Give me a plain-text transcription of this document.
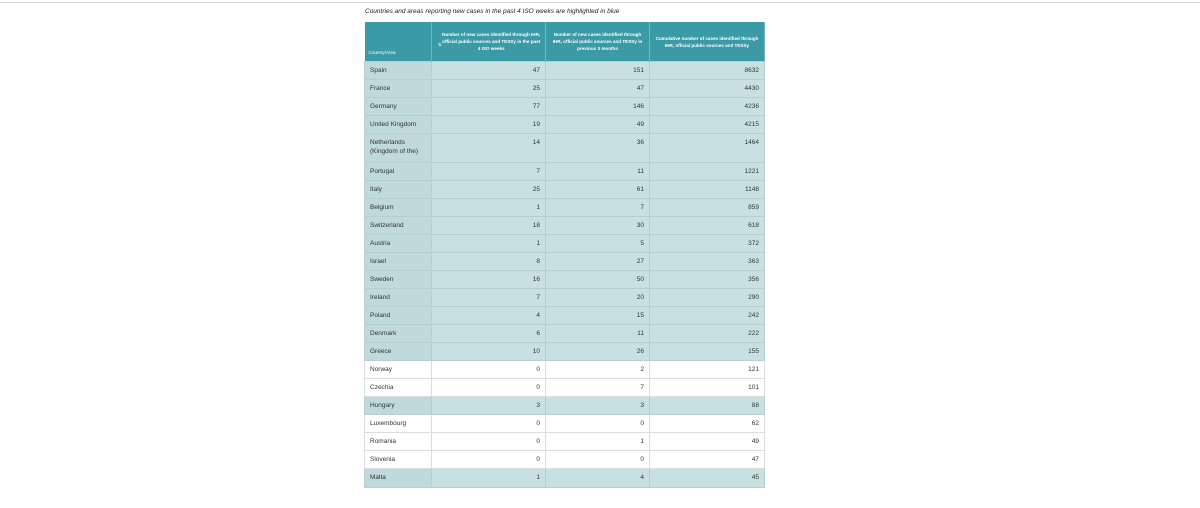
Countries and areas reporting new cases in the past 4 ISO weeks are highlighted in blue
Country/Area	⇅
Number of new cases identified through IHR, official public sources and TESSy in the past 4 ISO weeks	Number of new cases identified through IHR, official public sources and TESSy in previous 3 months	Cumulative number of cases identified through IHR, official public sources and TESSy
Spain	47	151	8632
France	25	47	4430
Germany	77	146	4236
United Kingdom	19	49	4215
Netherlands (Kingdom of the)	14	36	1464
Portugal	7	11	1221
Italy	25	61	1148
Belgium	1	7	859
Switzerland	18	30	618
Austria	1	5	372
Israel	8	27	363
Sweden	16	50	356
Ireland	7	20	290
Poland	4	15	242
Denmark	6	11	222
Greece	10	26	155
Norway	0	2	121
Czechia	0	7	101
Hungary	3	3	88
Luxembourg	0	0	62
Romania	0	1	49
Slovenia	0	0	47
Malta	1	4	45
